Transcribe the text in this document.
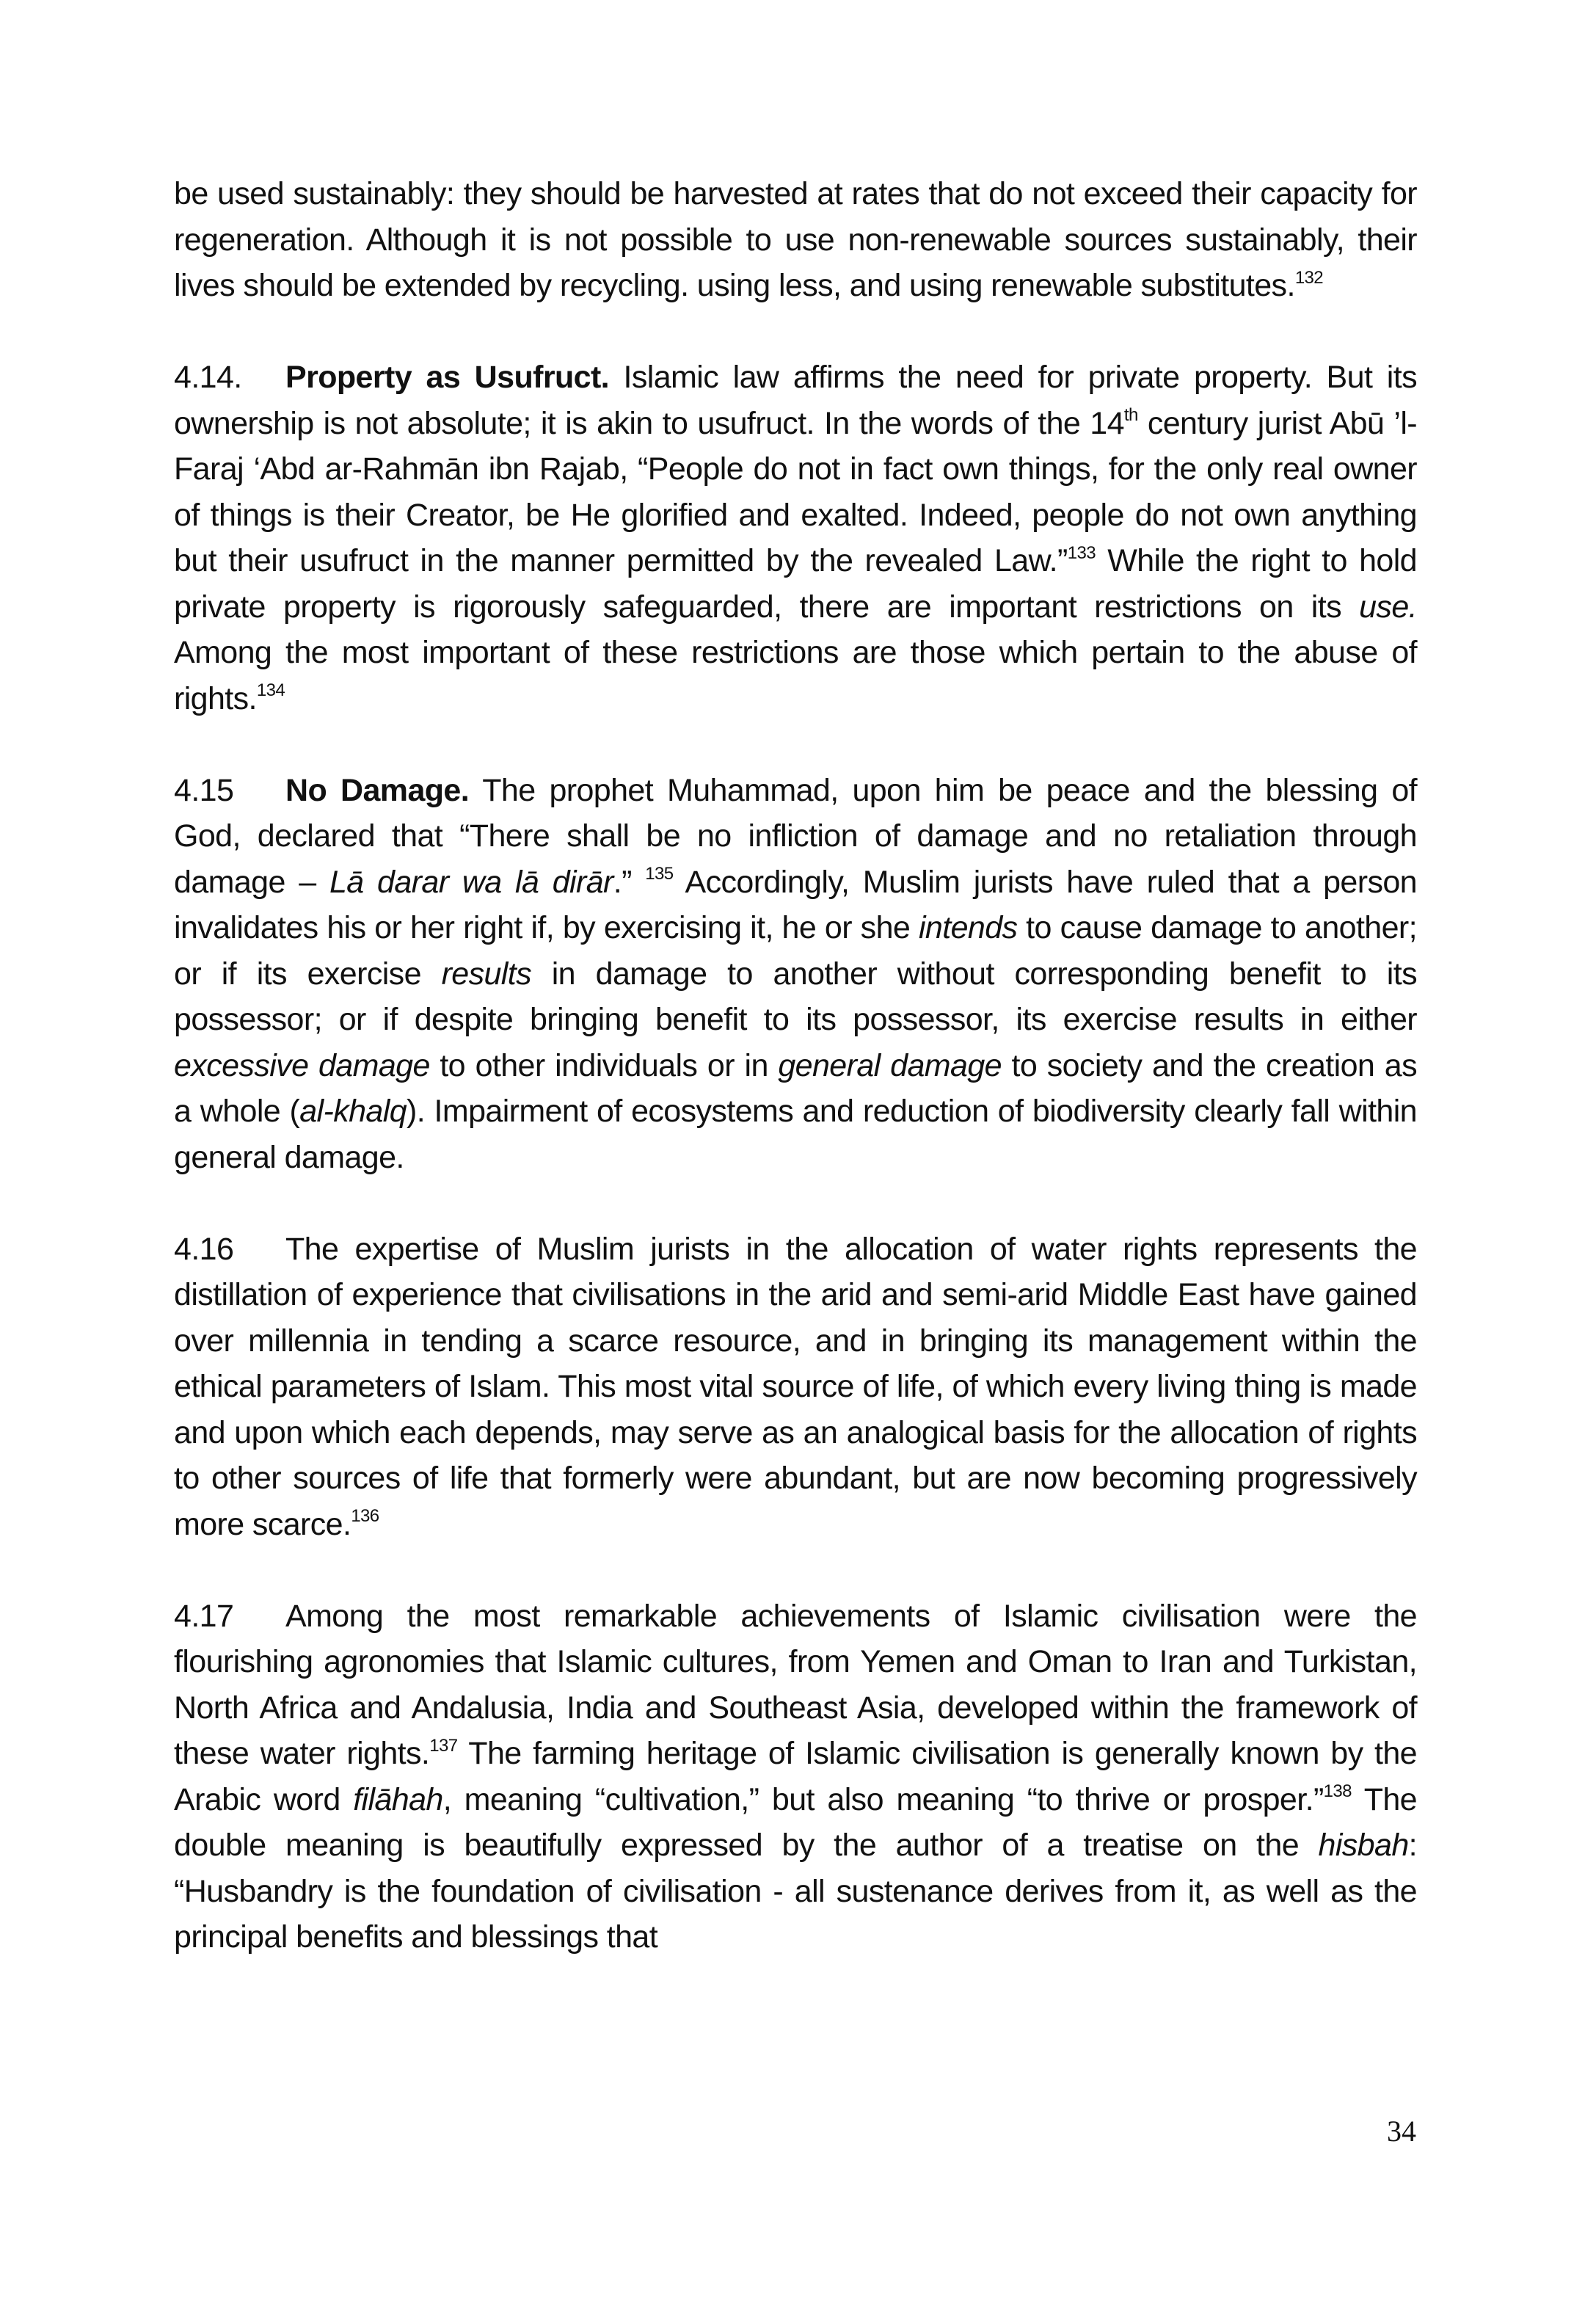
be used sustainably: they should be harvested at rates that do not exceed their capacity for regeneration. Although it is not possible to use non-renewable sources sustainably, their lives should be extended by recycling. using less, and using renewable substitutes.$^{132}$

4.14. Property as Usufruct. Islamic law affirms the need for private property. But its ownership is not absolute; it is akin to usufruct. In the words of the 14th century jurist Abū ’l-Faraj ‘Abd ar-Rahmān ibn Rajab, “People do not in fact own things, for the only real owner of things is their Creator, be He glorified and exalted. Indeed, people do not own anything but their usufruct in the manner permitted by the revealed Law.”$^{133}$ While the right to hold private property is rigorously safeguarded, there are important restrictions on its use. Among the most important of these restrictions are those which pertain to the abuse of rights.$^{134}$

4.15 No Damage. The prophet Muhammad, upon him be peace and the blessing of God, declared that “There shall be no infliction of damage and no retaliation through damage – Lā darar wa lā dirār.” $^{135}$ Accordingly, Muslim jurists have ruled that a person invalidates his or her right if, by exercising it, he or she intends to cause damage to another; or if its exercise results in damage to another without corresponding benefit to its possessor; or if despite bringing benefit to its possessor, its exercise results in either excessive damage to other individuals or in general damage to society and the creation as a whole (al-khalq). Impairment of ecosystems and reduction of biodiversity clearly fall within general damage.

4.16 The expertise of Muslim jurists in the allocation of water rights represents the distillation of experience that civilisations in the arid and semi-arid Middle East have gained over millennia in tending a scarce resource, and in bringing its management within the ethical parameters of Islam. This most vital source of life, of which every living thing is made and upon which each depends, may serve as an analogical basis for the allocation of rights to other sources of life that formerly were abundant, but are now becoming progressively more scarce.$^{136}$

4.17 Among the most remarkable achievements of Islamic civilisation were the flourishing agronomies that Islamic cultures, from Yemen and Oman to Iran and Turkistan, North Africa and Andalusia, India and Southeast Asia, developed within the framework of these water rights.$^{137}$ The farming heritage of Islamic civilisation is generally known by the Arabic word filāhah, meaning “cultivation,” but also meaning “to thrive or prosper.”$^{138}$ The double meaning is beautifully expressed by the author of a treatise on the hisbah: “Husbandry is the foundation of civilisation - all sustenance derives from it, as well as the principal benefits and blessings that

34
